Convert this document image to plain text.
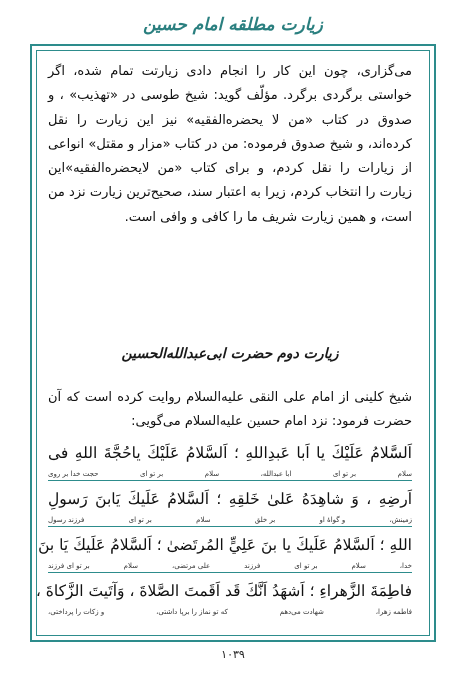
زیارت مطلقه امام حسین

می‌گزاری، چون این کار را انجام دادی زیارتت تمام شده، اگر خواستی برگردی برگرد. مؤلّف گوید: شیخ طوسی در «تهذیب» ، و صدوق در کتاب «من لا یحضره‌الفقیه» نیز این زیارت را نقل کرده‌اند، و شیخ صدوق فرموده: من در کتاب «مزار و مقتل» انواعی از زیارات را نقل کردم، و برای کتاب «من لایحضره‌الفقیه»این زیارت را انتخاب کردم، زیرا به اعتبار سند، صحیح‌ترین زیارت نزد من است، و همین زیارت شریف ما را کافی و وافی است.

زیارت دوم حضرت ابی‌عبدالله‌الحسین

شیخ کلینی از امام علی النقی عليه‌السلام روایت کرده است که آن حضرت فرمود: نزد امام حسین عليه‌السلام می‌گویی:

اَلسَّلامُ عَلَيْكَ يا اَبا عَبدِاللهِ ؛ اَلسَّلامُ عَلَيْكَ ياحُجَّةَ اللهِ فى
سلام
بر تو ای
ابا عبدالله،
سلام
بر تو ای
حجت خدا بر روی
اَرضِهِ ، وَ شاهِدَهُ عَلىٰ خَلقِهِ ؛ اَلسَّلامُ عَلَيكَ يَابنَ رَسولِ
زمینش،
و گواهٔ او
بر خلق
سلام
بر تو ای
فرزند رسول
اللهِ ؛ اَلسَّلامُ عَلَيكَ يا بنَ عَلِيٍّ المُرتَضىٰ ؛ اَلسَّلامُ عَلَيكَ يَا بنَ
خدا،
سلام
بر تو ای
فرزند
علی مرتضی،
سلام
بر تو ای فرزند
فاطِمَةَ الزَّهراءِ ؛ اَشهَدُ اَنَّكَ قَد اَقَمتَ الصَّلاةَ ، وَآتَيتَ الزَّكاةَ ،
فاطمه زهرا،
شهادت می‌دهم
که تو نماز را برپا داشتی،
و زکات را پرداختی،
۱۰۳۹
